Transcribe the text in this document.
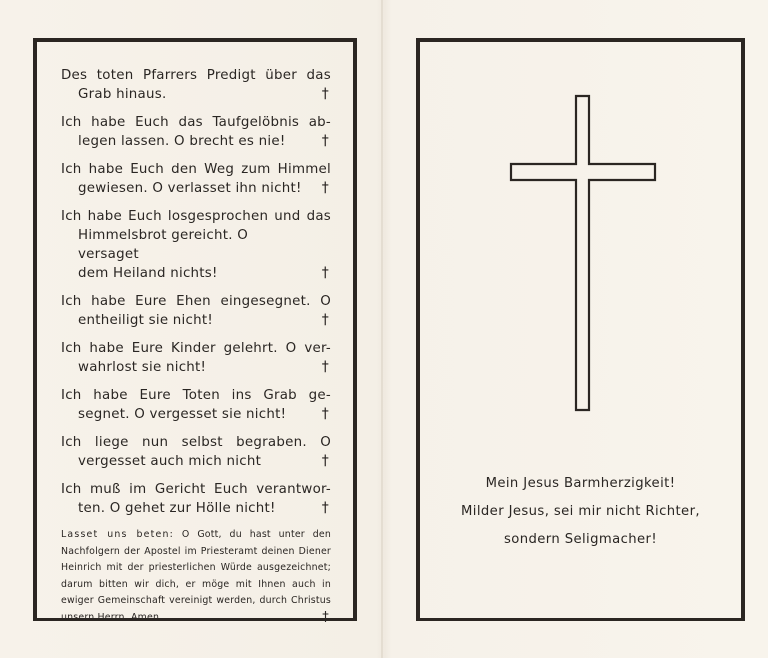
Des toten Pfarrers Predigt über das
Grab hinaus.	†
Ich habe Euch das Taufgelöbnis ab-
legen lassen. O brecht es nie!	†
Ich habe Euch den Weg zum Himmel
gewiesen. O verlasset ihn nicht!	†
Ich habe Euch losgesprochen und das
Himmelsbrot gereicht. O versaget
dem Heiland nichts!	†
Ich habe Eure Ehen eingesegnet. O
entheiligt sie nicht!	†
Ich habe Eure Kinder gelehrt. O ver-
wahrlost sie nicht!	†
Ich habe Eure Toten ins Grab ge-
segnet. O vergesset sie nicht!	†
Ich liege nun selbst begraben. O
vergesset auch mich nicht	†
Ich muß im Gericht Euch verantwor-
ten. O gehet zur Hölle nicht!	†
Lasset uns beten: O Gott, du hast unter den Nachfolgern der Apostel im Priesteramt deinen Diener Heinrich mit der priesterlichen Würde ausgezeichnet; darum bitten wir dich, er möge mit Ihnen auch in ewiger Gemeinschaft vereinigt werden, durch Christus unsern Herrn. Amen.	†
Mein Jesus Barmherzigkeit!
Milder Jesus, sei mir nicht Richter,
sondern Seligmacher!
